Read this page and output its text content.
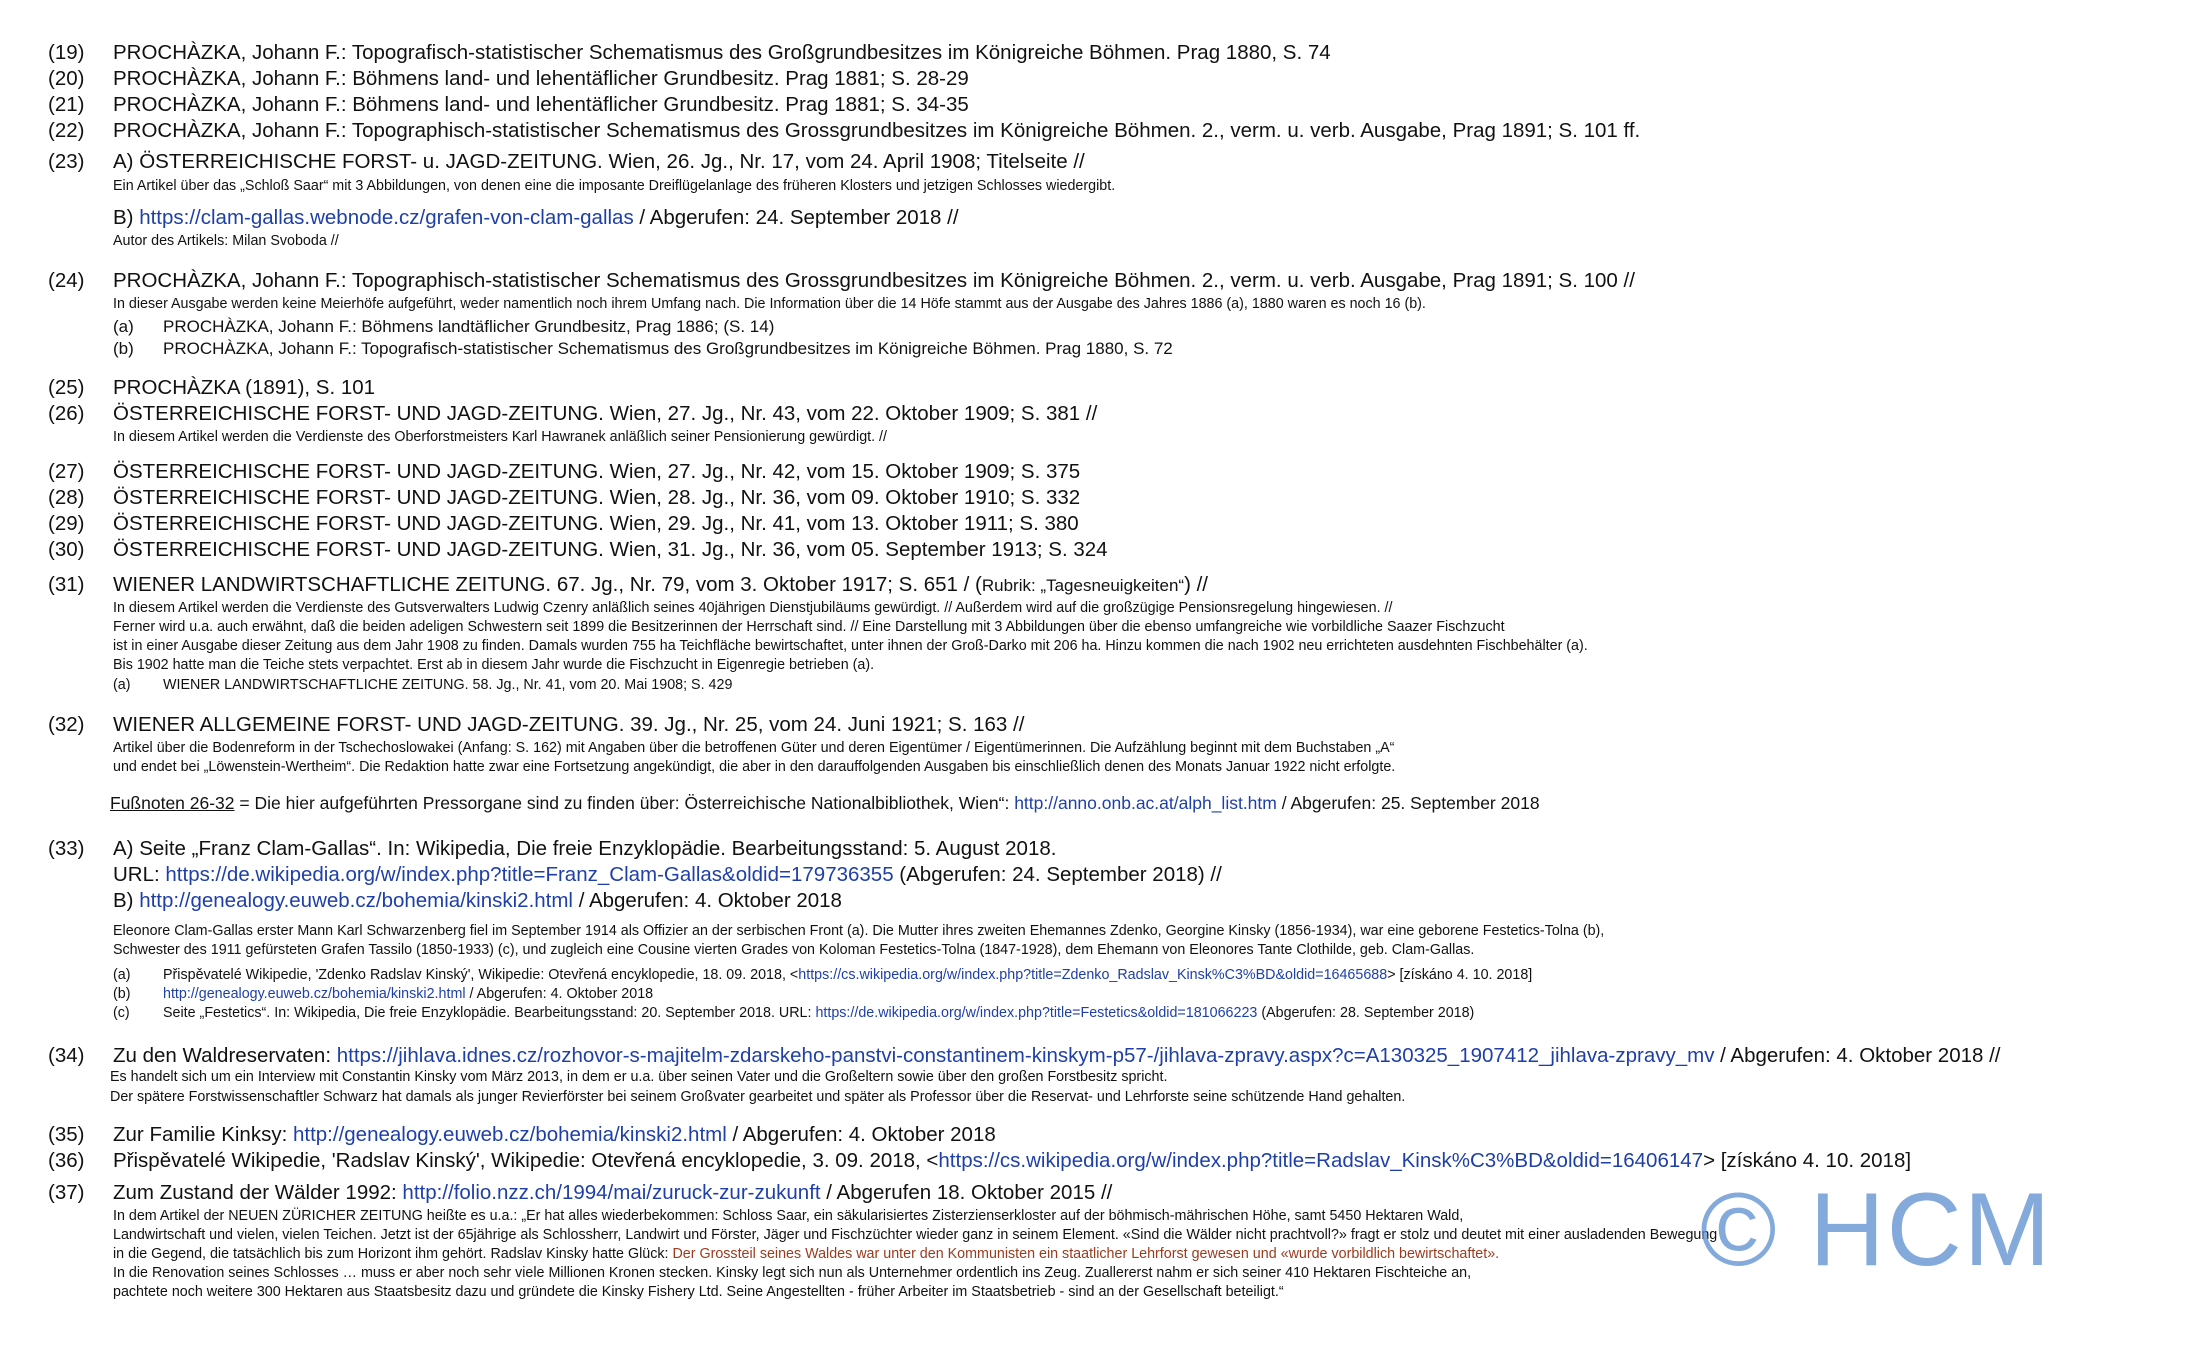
(19) PROCHÀZKA, Johann F.: Topografisch-statistischer Schematismus des Großgrundbesitzes im Königreiche Böhmen. Prag 1880, S. 74
(20) PROCHÀZKA, Johann F.: Böhmens land- und lehentäflicher Grundbesitz. Prag 1881; S. 28-29
(21) PROCHÀZKA, Johann F.: Böhmens land- und lehentäflicher Grundbesitz. Prag 1881; S. 34-35
(22) PROCHÀZKA, Johann F.: Topographisch-statistischer Schematismus des Grossgrundbesitzes im Königreiche Böhmen. 2., verm. u. verb. Ausgabe, Prag 1891; S. 101 ff.
(23) A) ÖSTERREICHISCHE FORST- u. JAGD-ZEITUNG. Wien, 26. Jg., Nr. 17, vom 24. April 1908; Titelseite //
Ein Artikel über das „Schloß Saar“ mit 3 Abbildungen, von denen eine die imposante Dreiflügelanlage des früheren Klosters und jetzigen Schlosses wiedergibt.
B) https://clam-gallas.webnode.cz/grafen-von-clam-gallas / Abgerufen: 24. September 2018 //
Autor des Artikels: Milan Svoboda //
(24) PROCHÀZKA, Johann F.: Topographisch-statistischer Schematismus des Grossgrundbesitzes im Königreiche Böhmen. 2., verm. u. verb. Ausgabe, Prag 1891; S. 100 //
In dieser Ausgabe werden keine Meierhöfe aufgeführt, weder namentlich noch ihrem Umfang nach. Die Information über die 14 Höfe stammt aus der Ausgabe des Jahres 1886 (a), 1880 waren es noch 16 (b).
(a) PROCHÀZKA, Johann F.: Böhmens landtäflicher Grundbesitz, Prag 1886; (S. 14)
(b) PROCHÀZKA, Johann F.: Topografisch-statistischer Schematismus des Großgrundbesitzes im Königreiche Böhmen. Prag 1880, S. 72
(25) PROCHÀZKA (1891), S. 101
(26) ÖSTERREICHISCHE FORST- UND JAGD-ZEITUNG. Wien, 27. Jg., Nr. 43, vom 22. Oktober 1909; S. 381 //
In diesem Artikel werden die Verdienste des Oberforstmeisters Karl Hawranek anläßlich seiner Pensionierung gewürdigt. //
(27) ÖSTERREICHISCHE FORST- UND JAGD-ZEITUNG. Wien, 27. Jg., Nr. 42, vom 15. Oktober 1909; S. 375
(28) ÖSTERREICHISCHE FORST- UND JAGD-ZEITUNG. Wien, 28. Jg., Nr. 36, vom 09. Oktober 1910; S. 332
(29) ÖSTERREICHISCHE FORST- UND JAGD-ZEITUNG. Wien, 29. Jg., Nr. 41, vom 13. Oktober 1911; S. 380
(30) ÖSTERREICHISCHE FORST- UND JAGD-ZEITUNG. Wien, 31. Jg., Nr. 36, vom 05. September 1913; S. 324
(31) WIENER LANDWIRTSCHAFTLICHE ZEITUNG. 67. Jg., Nr. 79, vom 3. Oktober 1917; S. 651 / (Rubrik: „Tagesneuigkeiten“) //
In diesem Artikel werden die Verdienste des Gutsverwalters Ludwig Czenry anläßlich seines 40jährigen Dienstjubiläums gewürdigt. // Außerdem wird auf die großzügige Pensionsregelung hingewiesen. //
Ferner wird u.a. auch erwähnt, daß die beiden adeligen Schwestern seit 1899 die Besitzerinnen der Herrschaft sind. // Eine Darstellung mit 3 Abbildungen über die ebenso umfangreiche wie vorbildliche Saazer Fischzucht
ist in einer Ausgabe dieser Zeitung aus dem Jahr 1908 zu finden. Damals wurden 755 ha Teichfläche bewirtschaftet, unter ihnen der Groß-Darko mit 206 ha. Hinzu kommen die nach 1902 neu errichteten ausdehnten Fischbehälter (a).
Bis 1902 hatte man die Teiche stets verpachtet. Erst ab in diesem Jahr wurde die Fischzucht in Eigenregie betrieben (a).
(a) WIENER LANDWIRTSCHAFTLICHE ZEITUNG. 58. Jg., Nr. 41, vom 20. Mai 1908; S. 429
(32) WIENER ALLGEMEINE FORST- UND JAGD-ZEITUNG. 39. Jg., Nr. 25, vom 24. Juni 1921; S. 163 //
Artikel über die Bodenreform in der Tschechoslowakei (Anfang: S. 162) mit Angaben über die betroffenen Güter und deren Eigentümer / Eigentümerinnen. Die Aufzählung beginnt mit dem Buchstaben „A“
und endet bei „Löwenstein-Wertheim“. Die Redaktion hatte zwar eine Fortsetzung angekündigt, die aber in den darauffolgenden Ausgaben bis einschließlich denen des Monats Januar 1922 nicht erfolgte.
Fußnoten 26-32 = Die hier aufgeführten Pressorgane sind zu finden über: Österreichische Nationalbibliothek, Wien“: http://anno.onb.ac.at/alph_list.htm / Abgerufen: 25. September 2018
(33) A) Seite „Franz Clam-Gallas“. In: Wikipedia, Die freie Enzyklopädie. Bearbeitungsstand: 5. August 2018.
URL: https://de.wikipedia.org/w/index.php?title=Franz_Clam-Gallas&oldid=179736355 (Abgerufen: 24. September 2018) //
B) http://genealogy.euweb.cz/bohemia/kinski2.html / Abgerufen: 4. Oktober 2018
Eleonore Clam-Gallas erster Mann Karl Schwarzenberg fiel im September 1914 als Offizier an der serbischen Front (a). Die Mutter ihres zweiten Ehemannes Zdenko, Georgine Kinsky (1856-1934), war eine geborene Festetics-Tolna (b),
Schwester des 1911 gefürsteten Grafen Tassilo (1850-1933) (c), und zugleich eine Cousine vierten Grades von Koloman Festetics-Tolna (1847-1928), dem Ehemann von Eleonores Tante Clothilde, geb. Clam-Gallas.
(a) Přispěvatelé Wikipedie, 'Zdenko Radslav Kinský', Wikipedie: Otevřená encyklopedie, 18. 09. 2018, <https://cs.wikipedia.org/w/index.php?title=Zdenko_Radslav_Kinsk%C3%BD&oldid=16465688> [získáno 4. 10. 2018]
(b) http://genealogy.euweb.cz/bohemia/kinski2.html / Abgerufen: 4. Oktober 2018
(c) Seite „Festetics“. In: Wikipedia, Die freie Enzyklopädie. Bearbeitungsstand: 20. September 2018. URL: https://de.wikipedia.org/w/index.php?title=Festetics&oldid=181066223 (Abgerufen: 28. September 2018)
(34) Zu den Waldreservaten: https://jihlava.idnes.cz/rozhovor-s-majitelm-zdarskeho-panstvi-constantinem-kinskym-p57-/jihlava-zpravy.aspx?c=A130325_1907412_jihlava-zpravy_mv / Abgerufen: 4. Oktober 2018 //
Es handelt sich um ein Interview mit Constantin Kinsky vom März 2013, in dem er u.a. über seinen Vater und die Großeltern sowie über den großen Forstbesitz spricht.
Der spätere Forstwissenschaftler Schwarz hat damals als junger Revierförster bei seinem Großvater gearbeitet und später als Professor über die Reservat- und Lehrforste seine schützende Hand gehalten.
(35) Zur Familie Kinksy: http://genealogy.euweb.cz/bohemia/kinski2.html / Abgerufen: 4. Oktober 2018
(36) Přispěvatelé Wikipedie, 'Radslav Kinský', Wikipedie: Otevřená encyklopedie, 3. 09. 2018, <https://cs.wikipedia.org/w/index.php?title=Radslav_Kinsk%C3%BD&oldid=16406147> [získáno 4. 10. 2018]
(37) Zum Zustand der Wälder 1992: http://folio.nzz.ch/1994/mai/zuruck-zur-zukunft / Abgerufen 18. Oktober 2015 //
In dem Artikel der NEUEN ZÜRICHER ZEITUNG heißte es u.a.: „Er hat alles wiederbekommen: Schloss Saar, ein säkularisiertes Zisterzienserkloster auf der böhmisch-mährischen Höhe, samt 5450 Hektaren Wald,
Landwirtschaft und vielen, vielen Teichen. Jetzt ist der 65jährige als Schlossherr, Landwirt und Förster, Jäger und Fischzüchter wieder ganz in seinem Element. «Sind die Wälder nicht prachtvoll?» fragt er stolz und deutet mit einer ausladenden Bewegung
in die Gegend, die tatsächlich bis zum Horizont ihm gehört. Radslav Kinsky hatte Glück: Der Grossteil seines Waldes war unter den Kommunisten ein staatlicher Lehrforst gewesen und «wurde vorbildlich bewirtschaftet».
In die Renovation seines Schlosses … muss er aber noch sehr viele Millionen Kronen stecken. Kinsky legt sich nun als Unternehmer ordentlich ins Zeug. Zuallererst nahm er sich seiner 410 Hektaren Fischteiche an,
pachtete noch weitere 300 Hektaren aus Staatsbesitz dazu und gründete die Kinsky Fishery Ltd. Seine Angestellten - früher Arbeiter im Staatsbetrieb - sind an der Gesellschaft beteiligt.“
© HCM
